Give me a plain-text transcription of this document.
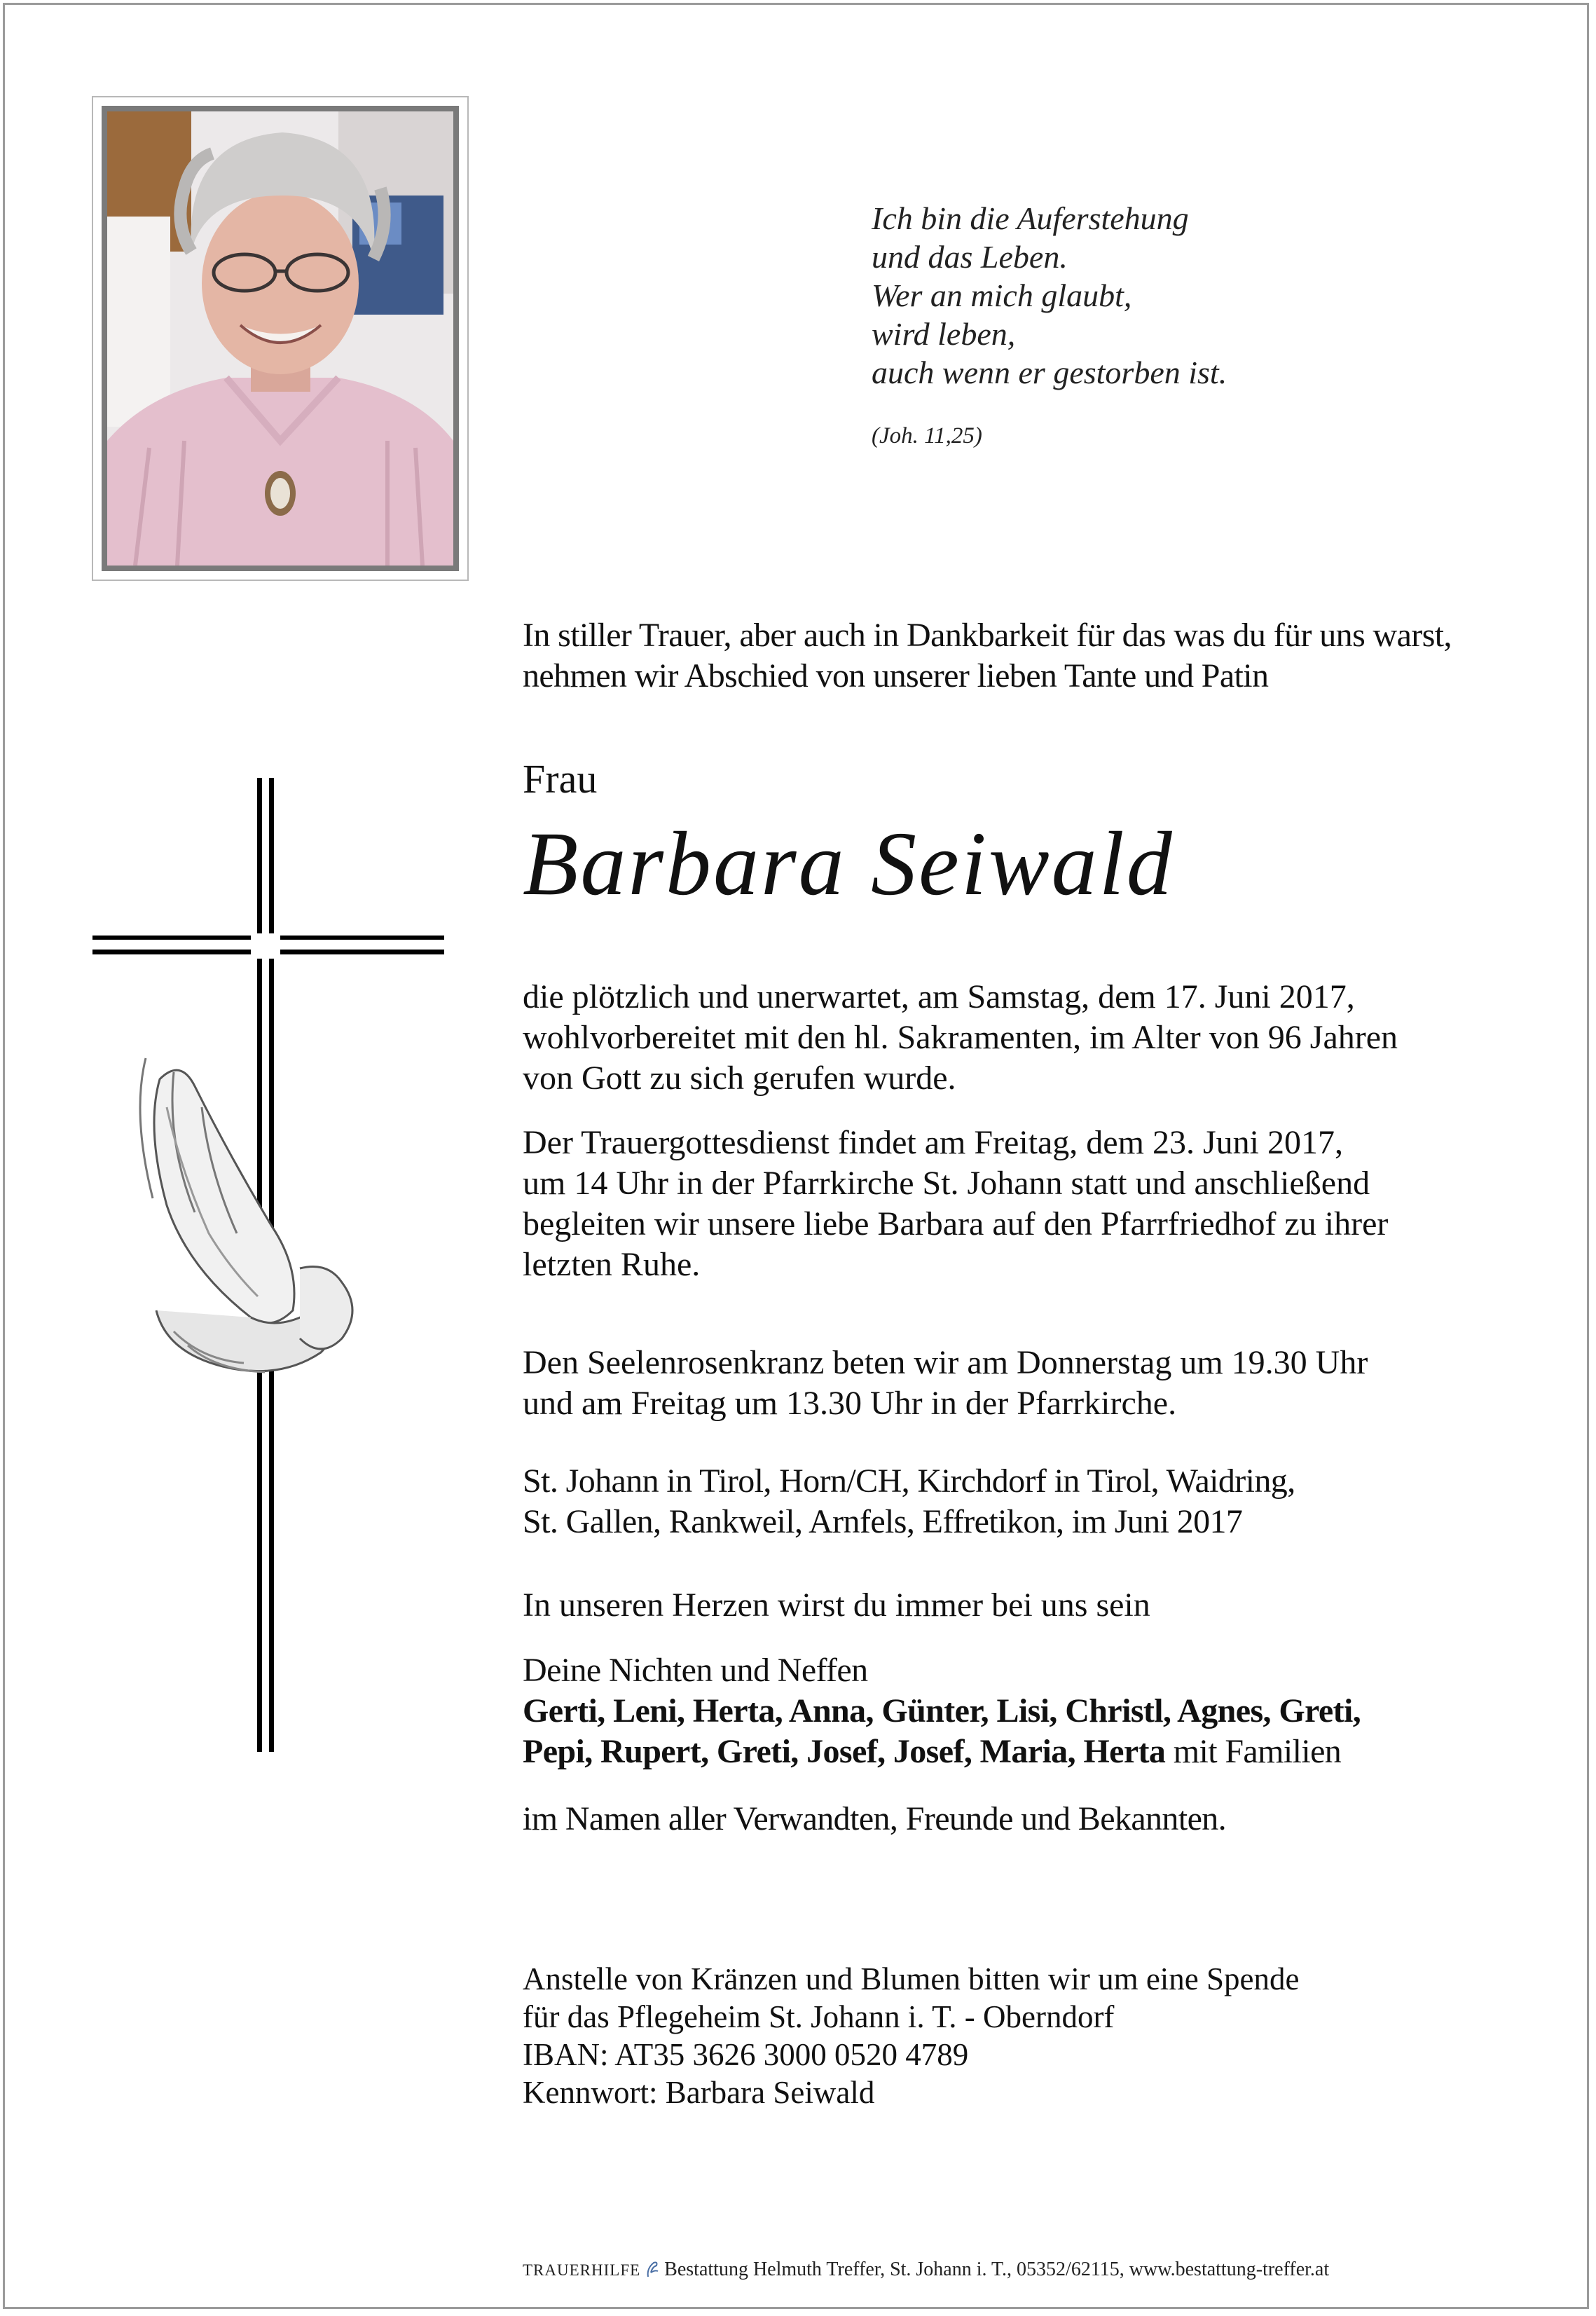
Ich bin die Auferstehung
und das Leben.
Wer an mich glaubt,
wird leben,
auch wenn er gestorben ist.
(Joh. 11,25)
In stiller Trauer, aber auch in Dankbarkeit für das was du für uns warst,
nehmen wir Abschied von unserer lieben Tante und Patin
Frau
Barbara Seiwald
die plötzlich und unerwartet, am Samstag, dem 17. Juni 2017,
wohlvorbereitet mit den hl. Sakramenten, im Alter von 96 Jahren
von Gott zu sich gerufen wurde.
Der Trauergottesdienst findet am Freitag, dem 23. Juni 2017,
um 14 Uhr in der Pfarrkirche St. Johann statt und anschließend
begleiten wir unsere liebe Barbara auf den Pfarrfriedhof zu ihrer
letzten Ruhe.
Den Seelenrosenkranz beten wir am Donnerstag um 19.30 Uhr
und am Freitag um 13.30 Uhr in der Pfarrkirche.
St. Johann in Tirol, Horn/CH, Kirchdorf in Tirol, Waidring,
St. Gallen, Rankweil, Arnfels, Effretikon, im Juni 2017
In unseren Herzen wirst du immer bei uns sein
Deine Nichten und Neffen
Gerti, Leni, Herta, Anna, Günter, Lisi, Christl, Agnes, Greti,
Pepi, Rupert, Greti, Josef, Josef, Maria, Herta mit Familien
im Namen aller Verwandten, Freunde und Bekannten.
Anstelle von Kränzen und Blumen bitten wir um eine Spende
für das Pflegeheim St. Johann i. T. - Oberndorf
IBAN: AT35 3626 3000 0520 4789
Kennwort: Barbara Seiwald
TRAUERHILFE Bestattung Helmuth Treffer, St. Johann i. T., 05352/62115, www.bestattung-treffer.at
